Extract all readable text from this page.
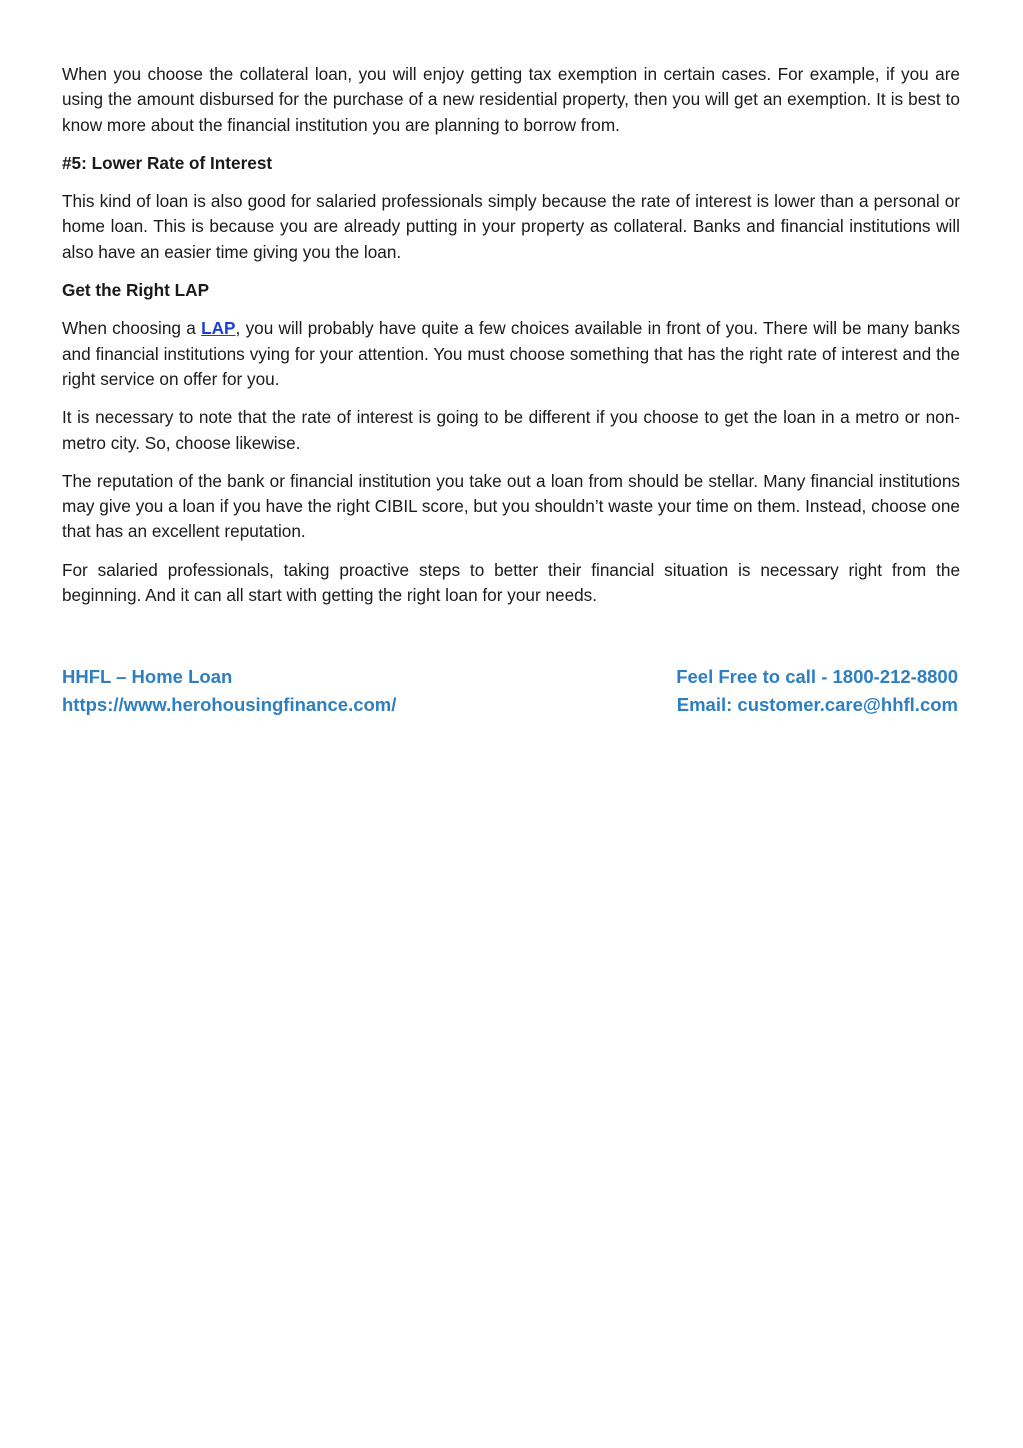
When you choose the collateral loan, you will enjoy getting tax exemption in certain cases. For example, if you are using the amount disbursed for the purchase of a new residential property, then you will get an exemption. It is best to know more about the financial institution you are planning to borrow from.

#5: Lower Rate of Interest

This kind of loan is also good for salaried professionals simply because the rate of interest is lower than a personal or home loan. This is because you are already putting in your property as collateral. Banks and financial institutions will also have an easier time giving you the loan.

Get the Right LAP

When choosing a LAP, you will probably have quite a few choices available in front of you. There will be many banks and financial institutions vying for your attention. You must choose something that has the right rate of interest and the right service on offer for you.

It is necessary to note that the rate of interest is going to be different if you choose to get the loan in a metro or non-metro city. So, choose likewise.

The reputation of the bank or financial institution you take out a loan from should be stellar. Many financial institutions may give you a loan if you have the right CIBIL score, but you shouldn’t waste your time on them. Instead, choose one that has an excellent reputation.

For salaried professionals, taking proactive steps to better their financial situation is necessary right from the beginning. And it can all start with getting the right loan for your needs.

HHFL – Home Loan
https://www.herohousingfinance.com/
Feel Free to call - 1800-212-8800
Email: customer.care@hhfl.com
